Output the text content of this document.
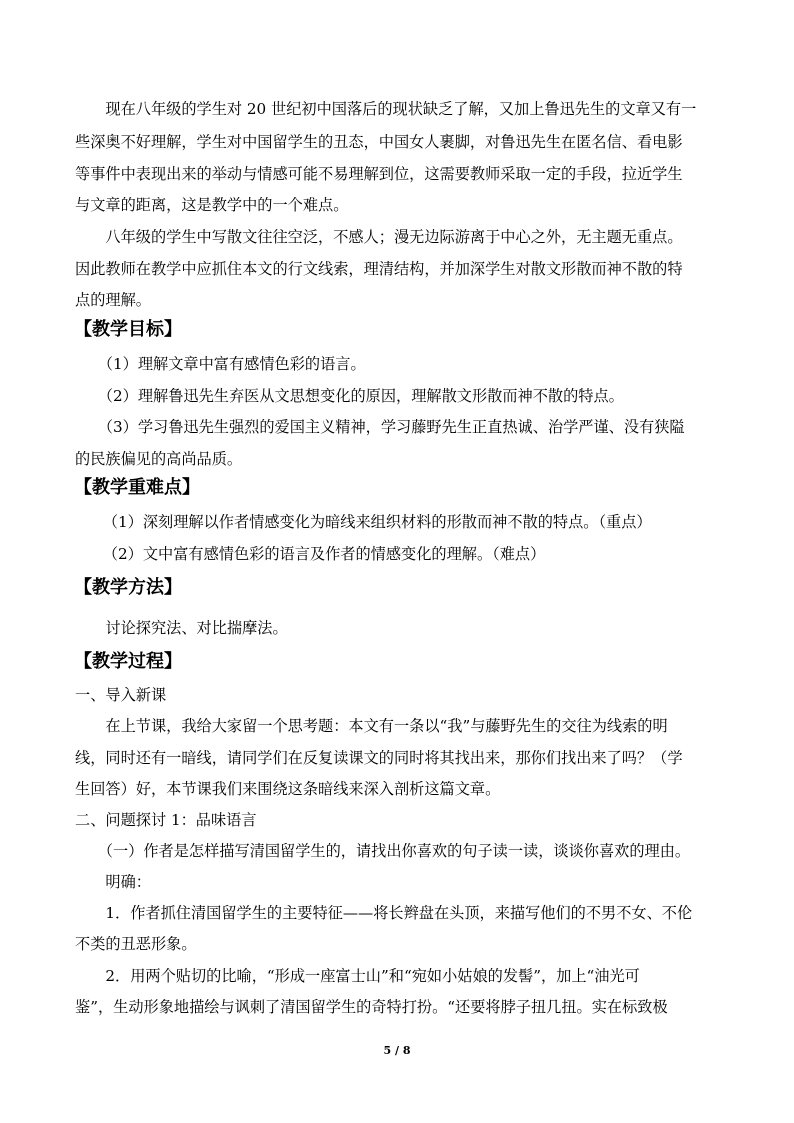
　　现在八年级的学生对 20 世纪初中国落后的现状缺乏了解，又加上鲁迅先生的文章又有一

些深奥不好理解，学生对中国留学生的丑态，中国女人裹脚，对鲁迅先生在匿名信、看电影

等事件中表现出来的举动与情感可能不易理解到位，这需要教师采取一定的手段，拉近学生

与文章的距离，这是教学中的一个难点。

　　八年级的学生中写散文往往空泛，不感人；漫无边际游离于中心之外，无主题无重点。

因此教师在教学中应抓住本文的行文线索，理清结构，并加深学生对散文形散而神不散的特

点的理解。

【教学目标】

　　（1）理解文章中富有感情色彩的语言。

　　（2）理解鲁迅先生弃医从文思想变化的原因，理解散文形散而神不散的特点。

　　（3）学习鲁迅先生强烈的爱国主义精神，学习藤野先生正直热诚、治学严谨、没有狭隘

的民族偏见的高尚品质。

【教学重难点】

　　（1）深刻理解以作者情感变化为暗线来组织材料的形散而神不散的特点。（重点）

　　（2）文中富有感情色彩的语言及作者的情感变化的理解。（难点）

【教学方法】

　　讨论探究法、对比揣摩法。

【教学过程】

一、导入新课

　　在上节课，我给大家留一个思考题：本文有一条以“我”与藤野先生的交往为线索的明

线，同时还有一暗线，请同学们在反复读课文的同时将其找出来，那你们找出来了吗？（学

生回答）好，本节课我们来围绕这条暗线来深入剖析这篇文章。

二、问题探讨 1：品味语言

　　（一）作者是怎样描写清国留学生的，请找出你喜欢的句子读一读，谈谈你喜欢的理由。

　　明确：

　　1．作者抓住清国留学生的主要特征——将长辫盘在头顶，来描写他们的不男不女、不伦

不类的丑恶形象。

　　2．用两个贴切的比喻，“形成一座富士山”和“宛如小姑娘的发髻”，加上“油光可

鉴”，生动形象地描绘与讽刺了清国留学生的奇特打扮。“还要将脖子扭几扭。实在标致极

5 / 8
